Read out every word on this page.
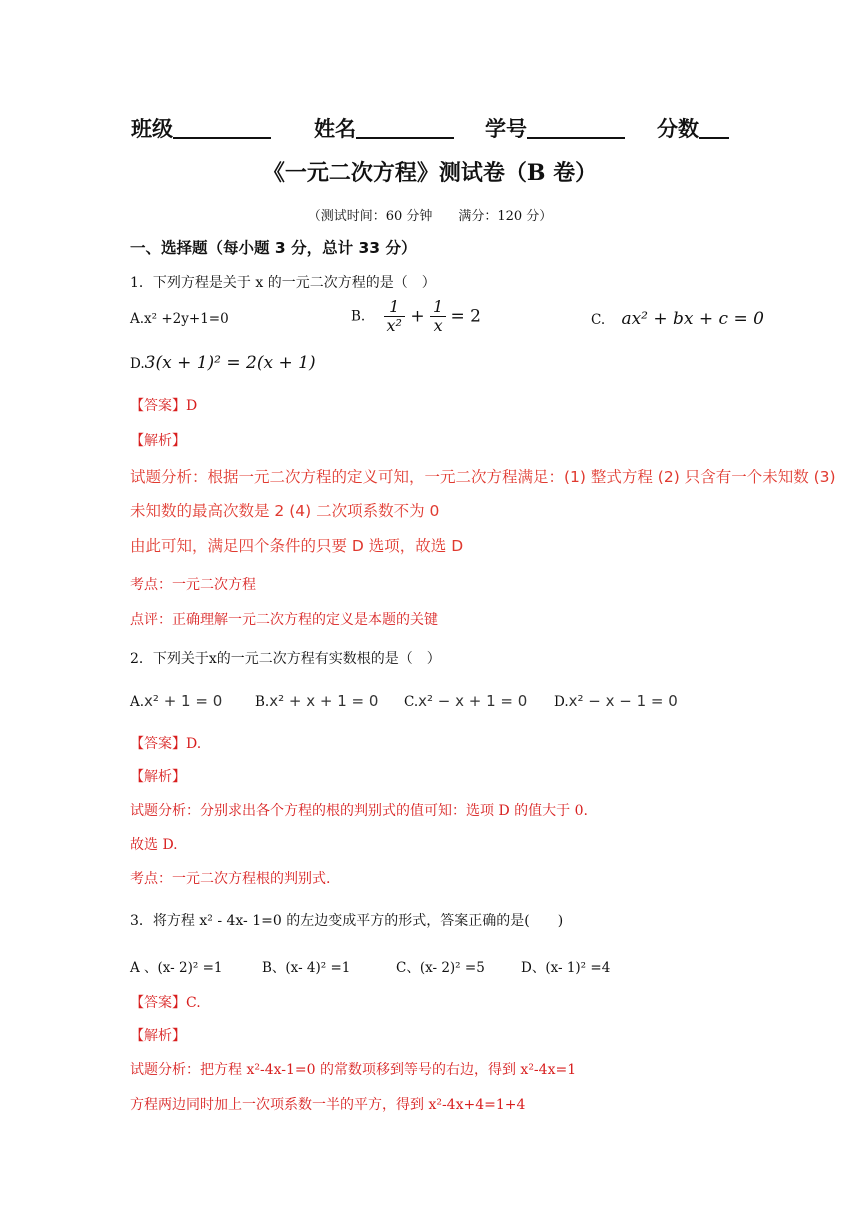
班级	姓名	学号	分数
《一元二次方程》测试卷（B 卷）
（测试时间：60 分钟　　满分：120 分）
一、选择题（每小题 3 分，总计 33 分）
1．下列方程是关于 x 的一元二次方程的是（　）
A.x² +2y+1=0	B. $\frac{1}{\text{x²}} + \frac{1}{x} = 2$	C. ax² + bx + c = 0
D.3(x + 1)² = 2(x + 1)
【答案】D
【解析】
试题分析：根据一元二次方程的定义可知，一元二次方程满足：(1) 整式方程 (2) 只含有一个未知数 (3)
未知数的最高次数是 2 (4) 二次项系数不为 0
由此可知，满足四个条件的只要 D 选项，故选 D
考点：一元二次方程
点评：正确理解一元二次方程的定义是本题的关键
2．下列关于x的一元二次方程有实数根的是（　）
A.x² + 1 = 0 B.x² + x + 1 = 0 C.x² − x + 1 = 0 D.x² − x − 1 = 0
【答案】D.
【解析】
试题分析：分别求出各个方程的根的判别式的值可知：选项 D 的值大于 0.
故选 D.
考点：一元二次方程根的判别式.
3．将方程 x² - 4x- 1=0 的左边变成平方的形式，答案正确的是(　　)
A 、(x- 2)² =1	B、(x- 4)² =1	C、(x- 2)² =5	D、(x- 1)² =4
【答案】C.
【解析】
试题分析：把方程 x²-4x-1=0 的常数项移到等号的右边，得到 x²-4x=1
方程两边同时加上一次项系数一半的平方，得到 x²-4x+4=1+4
